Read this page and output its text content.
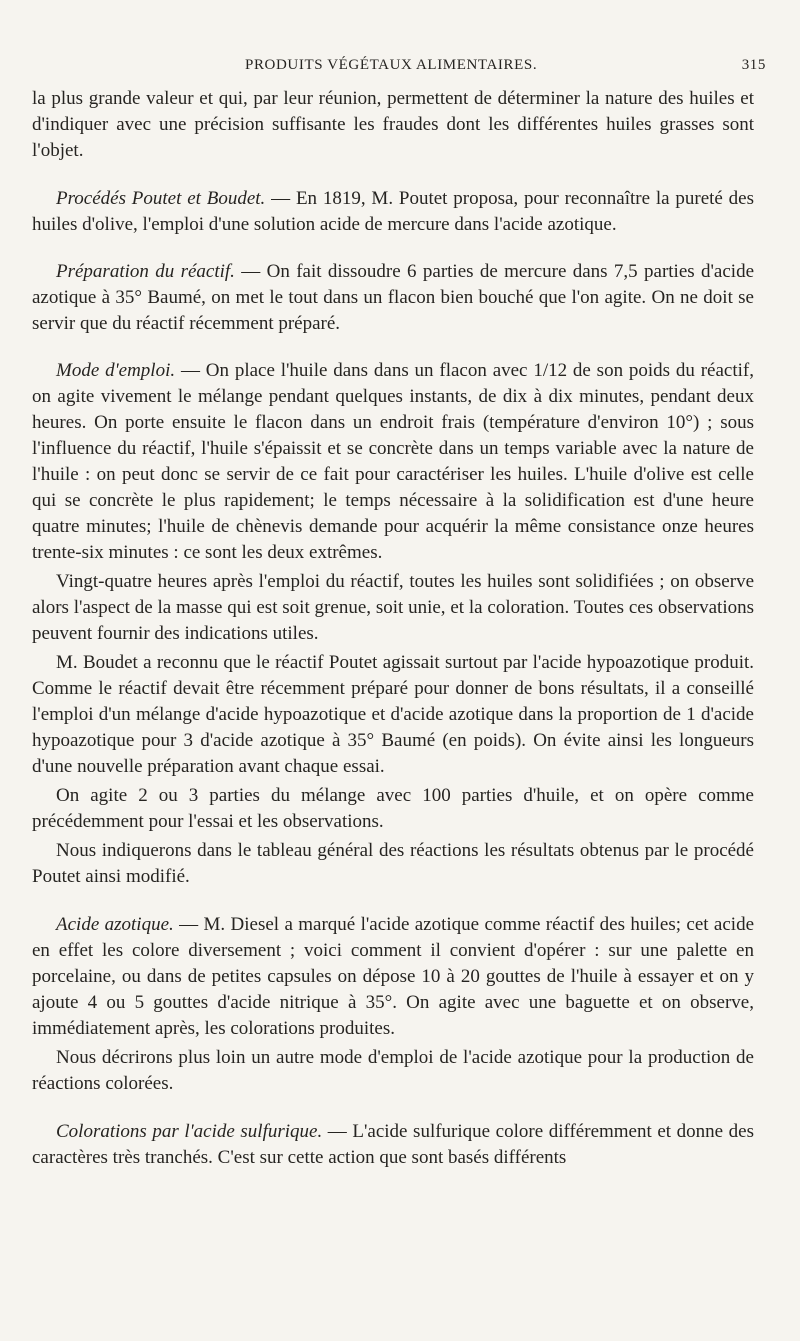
PRODUITS VÉGÉTAUX ALIMENTAIRES.	315

la plus grande valeur et qui, par leur réunion, permettent de déterminer la nature des huiles et d'indiquer avec une précision suffisante les fraudes dont les différentes huiles grasses sont l'objet.

Procédés Poutet et Boudet. — En 1819, M. Poutet proposa, pour reconnaître la pureté des huiles d'olive, l'emploi d'une solution acide de mercure dans l'acide azotique.

Préparation du réactif. — On fait dissoudre 6 parties de mercure dans 7,5 parties d'acide azotique à 35° Baumé, on met le tout dans un flacon bien bouché que l'on agite. On ne doit se servir que du réactif récemment préparé.

Mode d'emploi. — On place l'huile dans dans un flacon avec 1/12 de son poids du réactif, on agite vivement le mélange pendant quelques instants, de dix à dix minutes, pendant deux heures. On porte ensuite le flacon dans un endroit frais (température d'environ 10°) ; sous l'influence du réactif, l'huile s'épaissit et se concrète dans un temps variable avec la nature de l'huile : on peut donc se servir de ce fait pour caractériser les huiles. L'huile d'olive est celle qui se concrète le plus rapidement; le temps nécessaire à la solidification est d'une heure quatre minutes; l'huile de chènevis demande pour acquérir la même consistance onze heures trente-six minutes : ce sont les deux extrêmes.

Vingt-quatre heures après l'emploi du réactif, toutes les huiles sont solidifiées ; on observe alors l'aspect de la masse qui est soit grenue, soit unie, et la coloration. Toutes ces observations peuvent fournir des indications utiles.

M. Boudet a reconnu que le réactif Poutet agissait surtout par l'acide hypoazotique produit. Comme le réactif devait être récemment préparé pour donner de bons résultats, il a conseillé l'emploi d'un mélange d'acide hypoazotique et d'acide azotique dans la proportion de 1 d'acide hypoazotique pour 3 d'acide azotique à 35° Baumé (en poids). On évite ainsi les longueurs d'une nouvelle préparation avant chaque essai.

On agite 2 ou 3 parties du mélange avec 100 parties d'huile, et on opère comme précédemment pour l'essai et les observations.

Nous indiquerons dans le tableau général des réactions les résultats obtenus par le procédé Poutet ainsi modifié.

Acide azotique. — M. Diesel a marqué l'acide azotique comme réactif des huiles; cet acide en effet les colore diversement ; voici comment il convient d'opérer : sur une palette en porcelaine, ou dans de petites capsules on dépose 10 à 20 gouttes de l'huile à essayer et on y ajoute 4 ou 5 gouttes d'acide nitrique à 35°. On agite avec une baguette et on observe, immédiatement après, les colorations produites.

Nous décrirons plus loin un autre mode d'emploi de l'acide azotique pour la production de réactions colorées.

Colorations par l'acide sulfurique. — L'acide sulfurique colore différemment et donne des caractères très tranchés. C'est sur cette action que sont basés différents
